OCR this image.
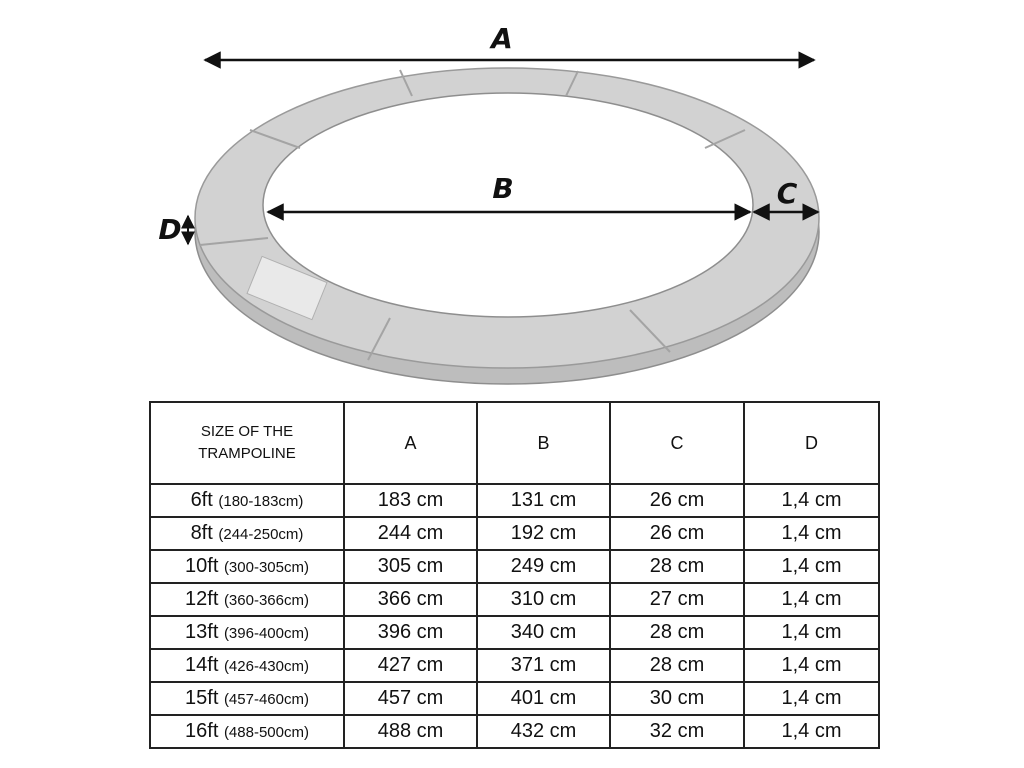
A
B	C
D
SIZE OF THE
TRAMPOLINE	A	B	C	D
6ft (180-183cm)	183 cm	131 cm	26 cm	1,4 cm
8ft (244-250cm)	244 cm	192 cm	26 cm	1,4 cm
10ft (300-305cm)	305 cm	249 cm	28 cm	1,4 cm
12ft (360-366cm)	366 cm	310 cm	27 cm	1,4 cm
13ft (396-400cm)	396 cm	340 cm	28 cm	1,4 cm
14ft (426-430cm)	427 cm	371 cm	28 cm	1,4 cm
15ft (457-460cm)	457 cm	401 cm	30 cm	1,4 cm
16ft (488-500cm)	488 cm	432 cm	32 cm	1,4 cm
